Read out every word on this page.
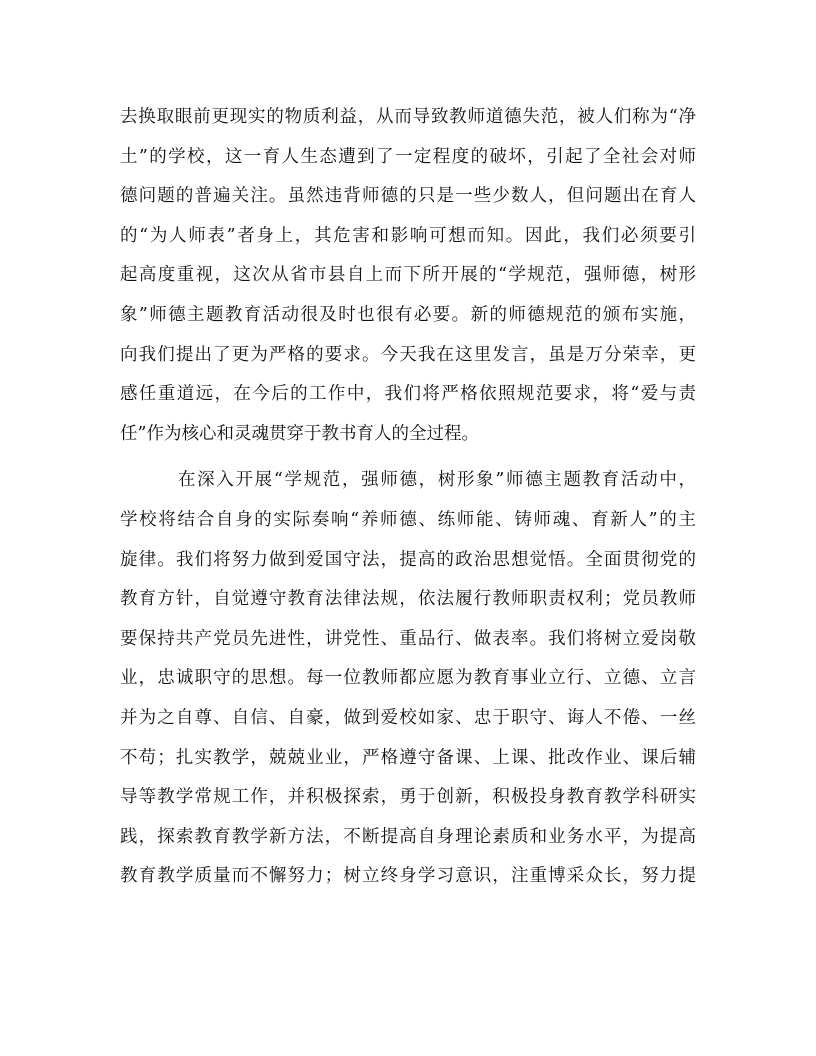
去换取眼前更现实的物质利益，从而导致教师道德失范，被人们称为“净
土”的学校，这一育人生态遭到了一定程度的破坏，引起了全社会对师
德问题的普遍关注。虽然违背师德的只是一些少数人，但问题出在育人
的“为人师表”者身上，其危害和影响可想而知。因此，我们必须要引
起高度重视，这次从省市县自上而下所开展的“学规范，强师德，树形
象”师德主题教育活动很及时也很有必要。新的师德规范的颁布实施，
向我们提出了更为严格的要求。今天我在这里发言，虽是万分荣幸，更
感任重道远，在今后的工作中，我们将严格依照规范要求，将“爱与责
任”作为核心和灵魂贯穿于教书育人的全过程。
在深入开展“学规范，强师德，树形象”师德主题教育活动中，
学校将结合自身的实际奏响“养师德、练师能、铸师魂、育新人”的主
旋律。我们将努力做到爱国守法，提高的政治思想觉悟。全面贯彻党的
教育方针，自觉遵守教育法律法规，依法履行教师职责权利；党员教师
要保持共产党员先进性，讲党性、重品行、做表率。我们将树立爱岗敬
业，忠诚职守的思想。每一位教师都应愿为教育事业立行、立德、立言
并为之自尊、自信、自豪，做到爱校如家、忠于职守、诲人不倦、一丝
不苟；扎实教学，兢兢业业，严格遵守备课、上课、批改作业、课后辅
导等教学常规工作，并积极探索，勇于创新，积极投身教育教学科研实
践，探索教育教学新方法，不断提高自身理论素质和业务水平，为提高
教育教学质量而不懈努力；树立终身学习意识，注重博采众长，努力提
